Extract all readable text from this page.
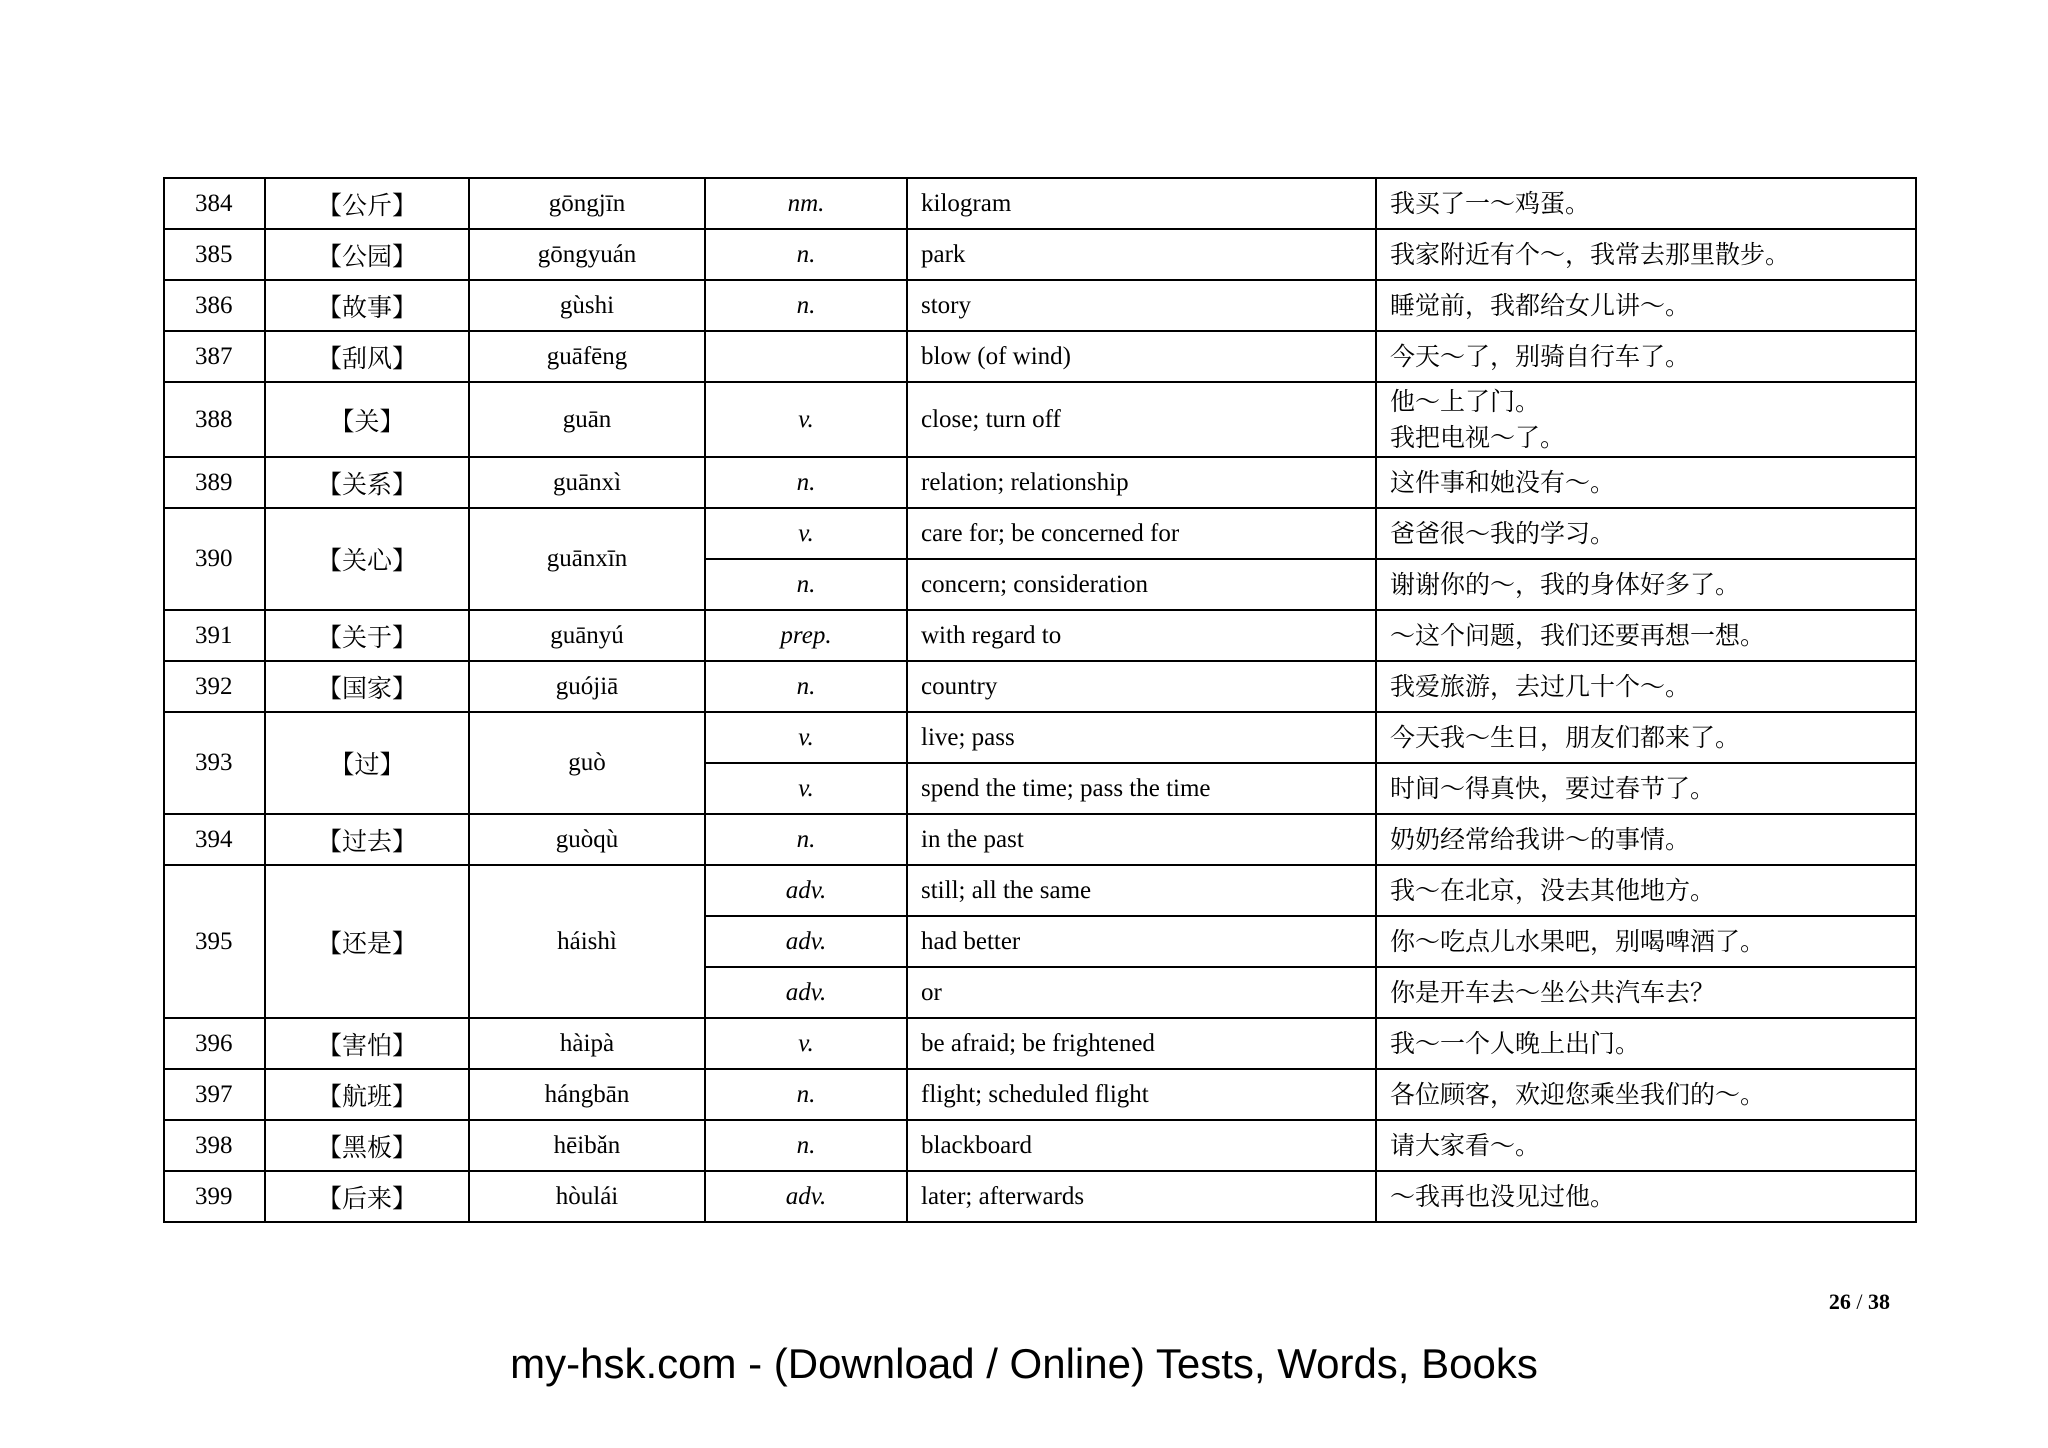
384	【公斤】	gōngjīn	nm.	kilogram	我买了一～鸡蛋。
385	【公园】	gōngyuán	n.	park	我家附近有个～，我常去那里散步。
386	【故事】	gùshi	n.	story	睡觉前，我都给女儿讲～。
387	【刮风】	guāfēng		blow (of wind)	今天～了，别骑自行车了。
388	【关】	guān	v.	close; turn off	他～上了门。
我把电视～了。

389	【关系】	guānxì	n.	relation; relationship	这件事和她没有～。
390	【关心】	guānxīn	v.	care for; be concerned for	爸爸很～我的学习。
			n.	concern; consideration	谢谢你的～，我的身体好多了。
391	【关于】	guānyú	prep.	with regard to	～这个问题，我们还要再想一想。
392	【国家】	guójiā	n.	country	我爱旅游，去过几十个～。
393	【过】	guò	v.	live; pass	今天我～生日，朋友们都来了。
			v.	spend the time; pass the time	时间～得真快，要过春节了。
394	【过去】	guòqù	n.	in the past	奶奶经常给我讲～的事情。
395	【还是】	háishì	adv.	still; all the same	我～在北京，没去其他地方。
			adv.	had better	你～吃点儿水果吧，别喝啤酒了。
			adv.	or	你是开车去～坐公共汽车去？
396	【害怕】	hàipà	v.	be afraid; be frightened	我～一个人晚上出门。
397	【航班】	hángbān	n.	flight; scheduled flight	各位顾客，欢迎您乘坐我们的～。
398	【黑板】	hēibǎn	n.	blackboard	请大家看～。
399	【后来】	hòulái	adv.	later; afterwards	～我再也没见过他。
26 / 38
my-hsk.com - (Download / Online) Tests, Words, Books
